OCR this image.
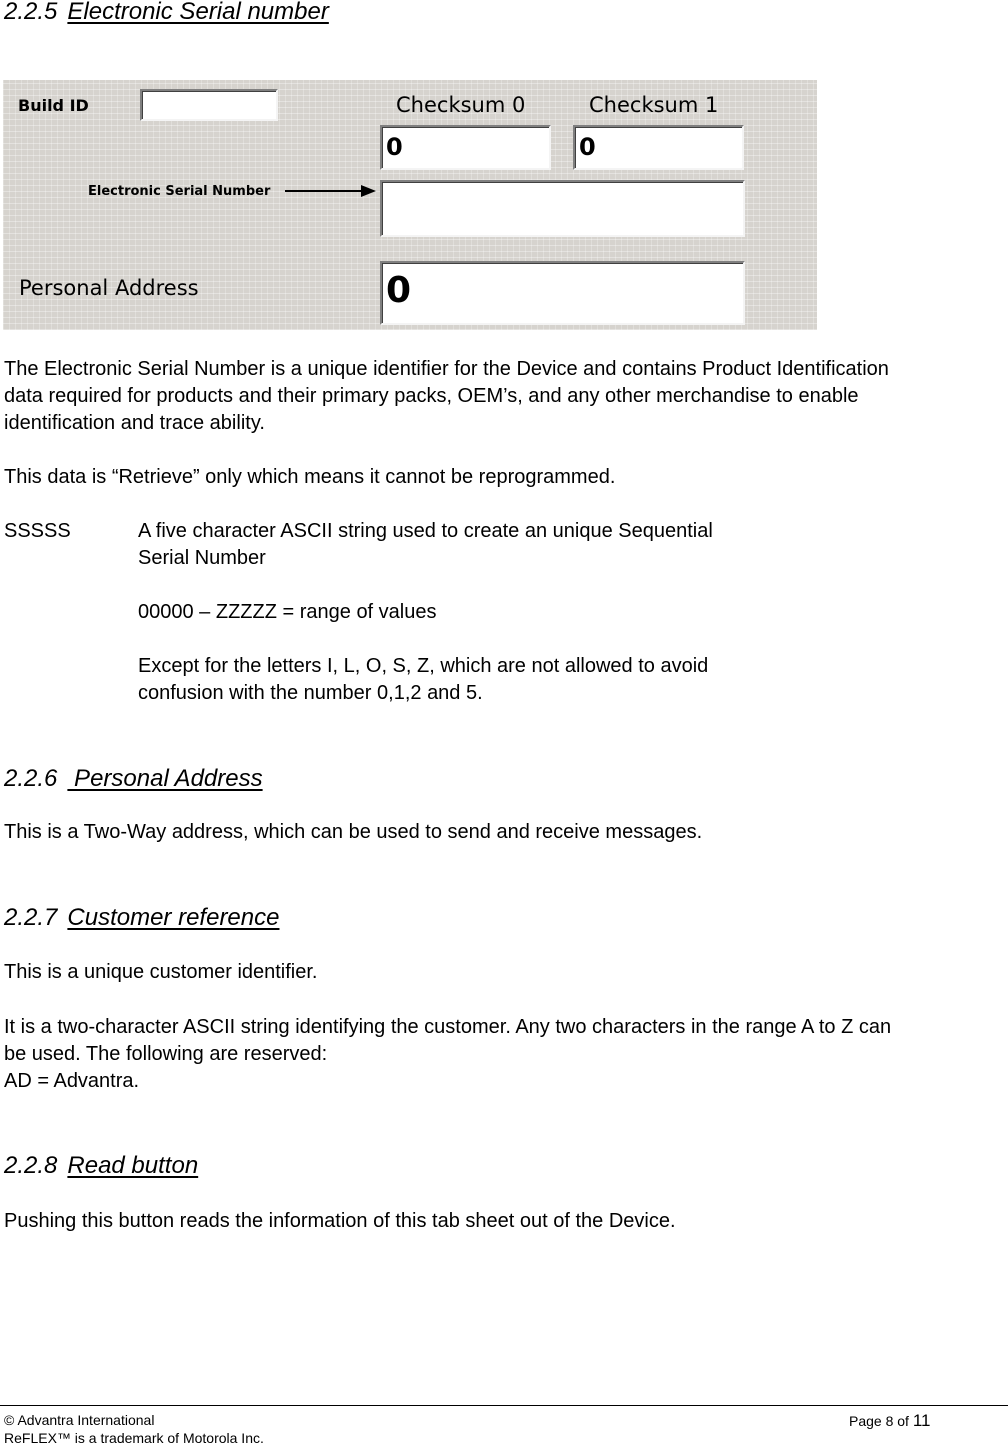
2.2.5 Electronic Serial number
Build ID	Checksum 0	Checksum 1
0	0
Electronic Serial Number
Personal Address	0
The Electronic Serial Number is a unique identifier for the Device and contains Product Identification
data required for products and their primary packs, OEM’s, and any other merchandise to enable
identification and trace ability.
This data is “Retrieve” only which means it cannot be reprogrammed.
SSSSS	A five character ASCII string used to create an unique Sequential
Serial Number
00000 – ZZZZZ = range of values
Except for the letters I, L, O, S, Z, which are not allowed to avoid
confusion with the number 0,1,2 and 5.
2.2.6 Personal Address
This is a Two-Way address, which can be used to send and receive messages.
2.2.7 Customer reference
This is a unique customer identifier.
It is a two-character ASCII string identifying the customer. Any two characters in the range A to Z can
be used. The following are reserved:
AD = Advantra.
2.2.8 Read button
Pushing this button reads the information of this tab sheet out of the Device.
© Advantra International
ReFLEX™ is a trademark of Motorola Inc.
Page 8 of 11
